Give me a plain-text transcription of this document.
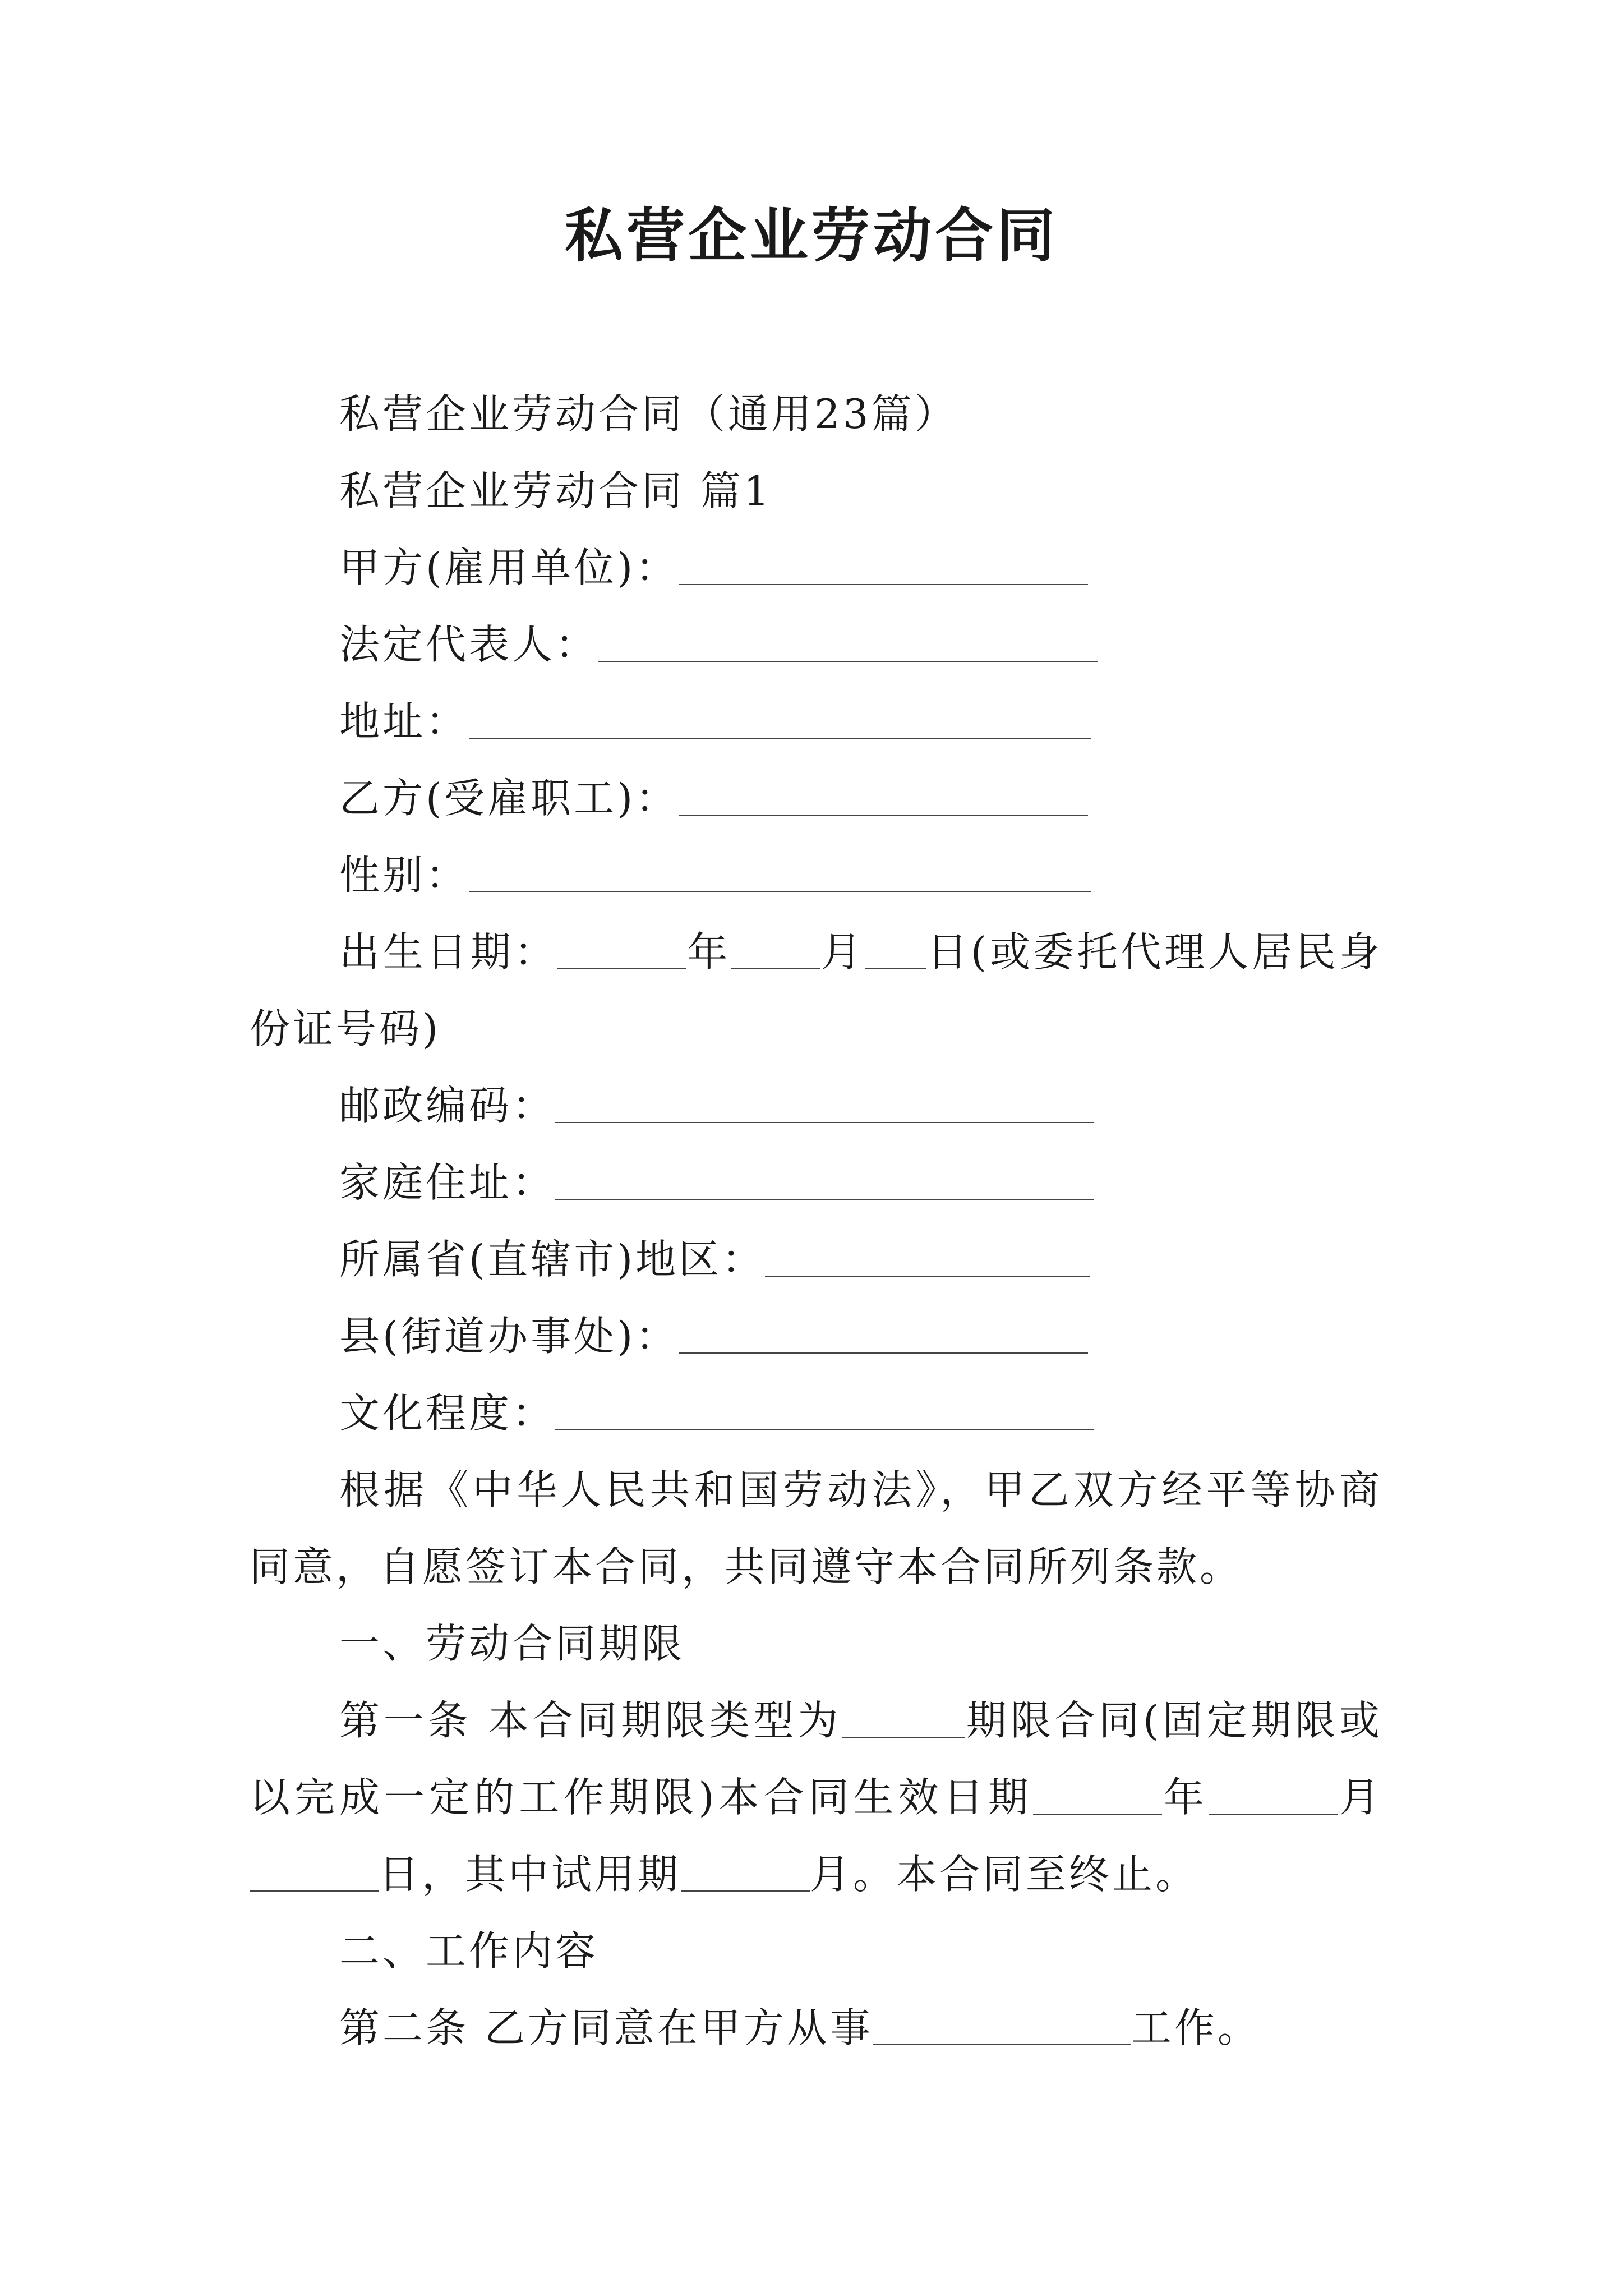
私营企业劳动合同

私营企业劳动合同（通用23篇）

私营企业劳动合同 篇1

甲方(雇用单位)：

法定代表人：

地址：

乙方(受雇职工)：

性别：

出生日期：	年 月 日(或委托代理人居民身份证号码)

邮政编码：

家庭住址：

所属省(直辖市)地区：

县(街道办事处)：

文化程度：

根据《中华人民共和国劳动法》，甲乙双方经平等协商同意，自愿签订本合同，共同遵守本合同所列条款。

一、劳动合同期限

第一条 本合同期限类型为	期限合同(固定期限或以完成一定的工作期限)本合同生效日期	年	月日，其中试用期	月。本合同至终止。

二、工作内容

第二条 乙方同意在甲方从事	工作。
